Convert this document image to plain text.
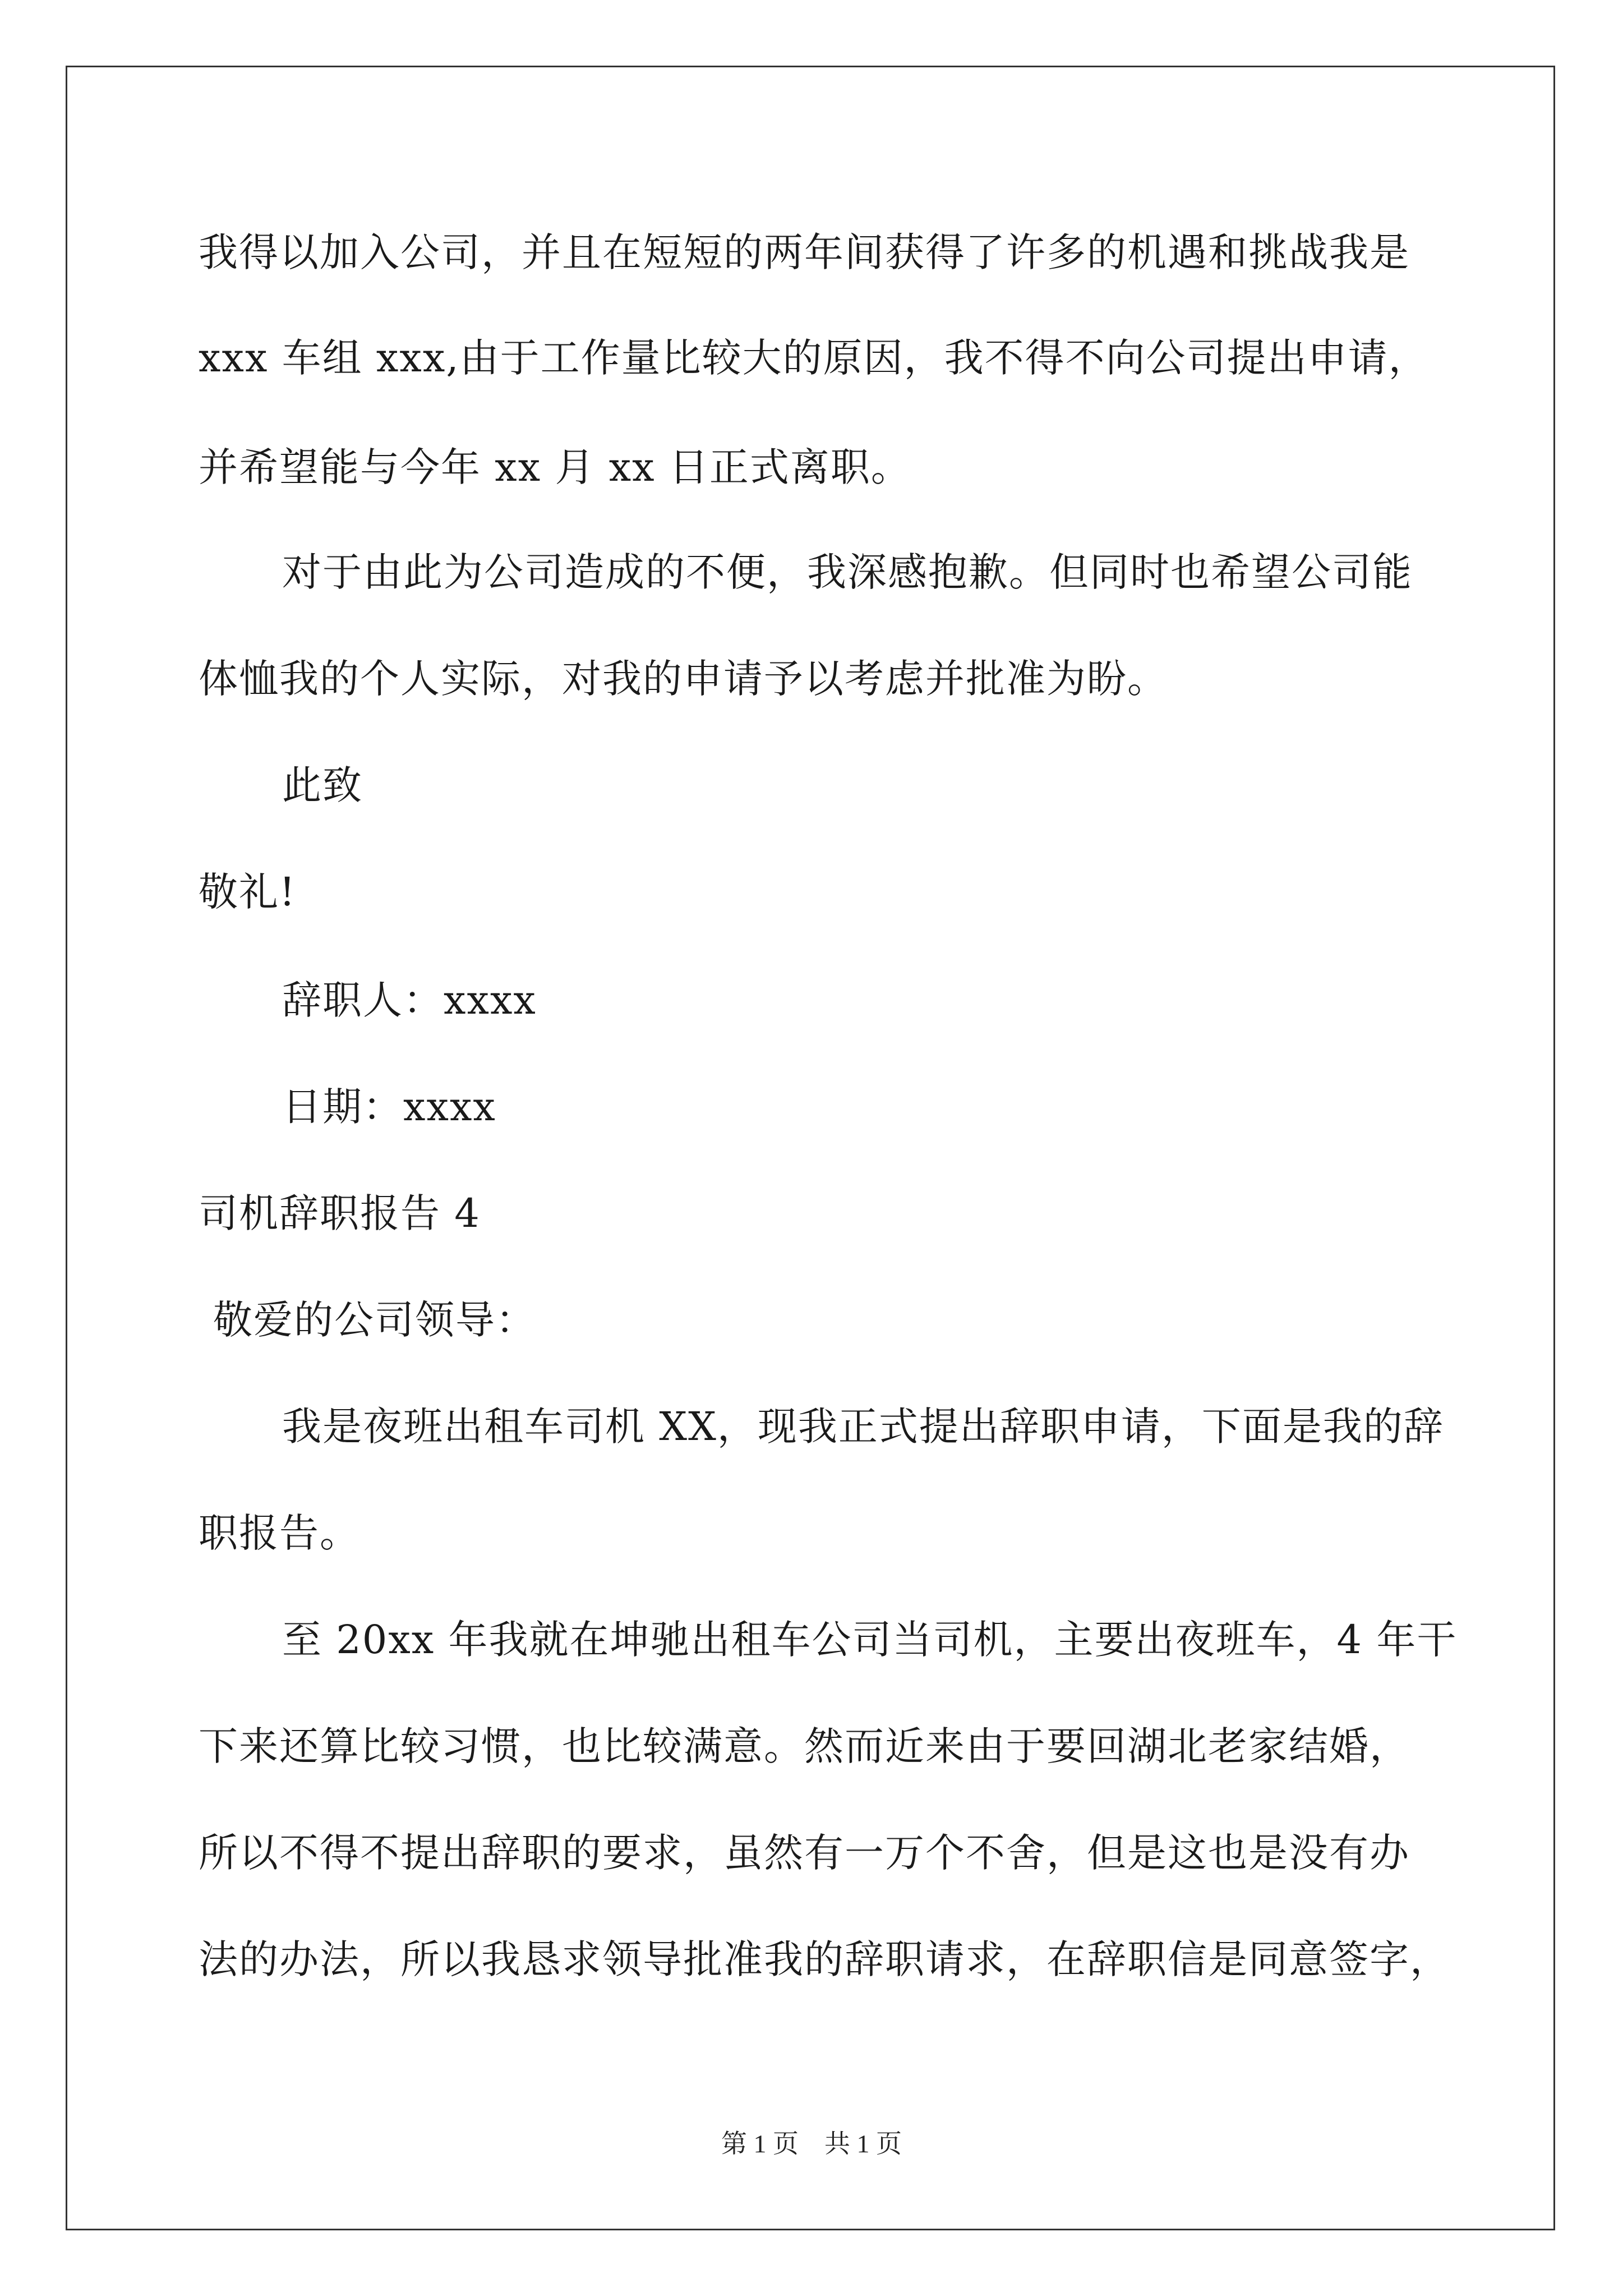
我得以加入公司，并且在短短的两年间获得了许多的机遇和挑战我是
xxx 车组 xxx,由于工作量比较大的原因，我不得不向公司提出申请，
并希望能与今年 xx 月 xx 日正式离职。
对于由此为公司造成的不便，我深感抱歉。但同时也希望公司能
体恤我的个人实际，对我的申请予以考虑并批准为盼。
此致
敬礼!
辞职人：xxxx
日期：xxxx
司机辞职报告 4
敬爱的公司领导：
我是夜班出租车司机 XX，现我正式提出辞职申请，下面是我的辞
职报告。
至 20xx 年我就在坤驰出租车公司当司机，主要出夜班车，4 年干
下来还算比较习惯，也比较满意。然而近来由于要回湖北老家结婚，
所以不得不提出辞职的要求，虽然有一万个不舍，但是这也是没有办
法的办法，所以我恳求领导批准我的辞职请求，在辞职信是同意签字，
第 1 页　共 1 页
